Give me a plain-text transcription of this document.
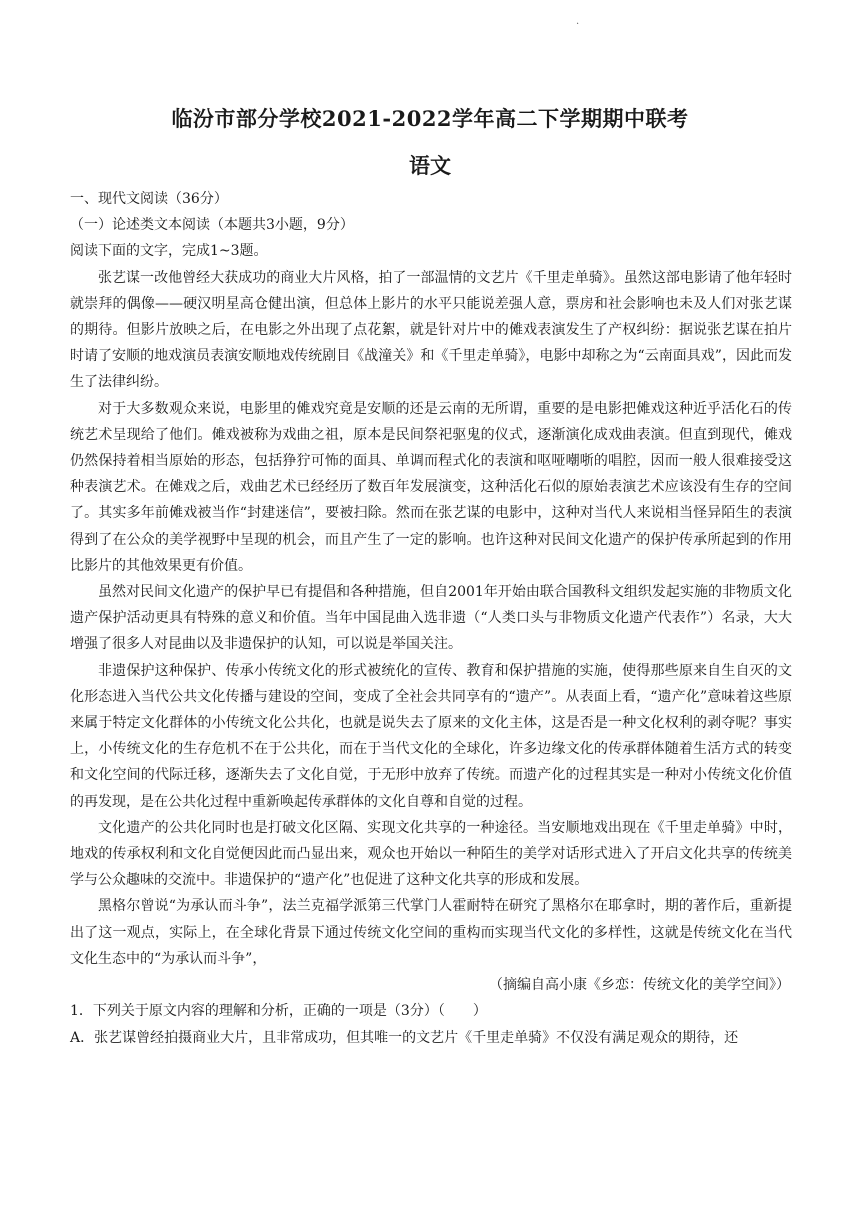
.
临汾市部分学校2021-2022学年高二下学期期中联考
语文

一、现代文阅读（36分）

（一）论述类文本阅读（本题共3小题，9分）

阅读下面的文字，完成1~3题。

张艺谋一改他曾经大获成功的商业大片风格，拍了一部温情的文艺片《千里走单骑》。虽然这部电影请了他年轻时就崇拜的偶像——硬汉明星高仓健出演，但总体上影片的水平只能说差强人意，票房和社会影响也未及人们对张艺谋的期待。但影片放映之后，在电影之外出现了点花絮，就是针对片中的傩戏表演发生了产权纠纷：据说张艺谋在拍片时请了安顺的地戏演员表演安顺地戏传统剧目《战潼关》和《千里走单骑》，电影中却称之为“云南面具戏”，因此而发生了法律纠纷。

对于大多数观众来说，电影里的傩戏究竟是安顺的还是云南的无所谓，重要的是电影把傩戏这种近乎活化石的传统艺术呈现给了他们。傩戏被称为戏曲之祖，原本是民间祭祀驱鬼的仪式，逐渐演化成戏曲表演。但直到现代，傩戏仍然保持着相当原始的形态，包括狰狞可怖的面具、单调而程式化的表演和呕哑嘲哳的唱腔，因而一般人很难接受这种表演艺术。在傩戏之后，戏曲艺术已经经历了数百年发展演变，这种活化石似的原始表演艺术应该没有生存的空间了。其实多年前傩戏被当作“封建迷信”，要被扫除。然而在张艺谋的电影中，这种对当代人来说相当怪异陌生的表演得到了在公众的美学视野中呈现的机会，而且产生了一定的影响。也许这种对民间文化遗产的保护传承所起到的作用比影片的其他效果更有价值。

虽然对民间文化遗产的保护早已有提倡和各种措施，但自2001年开始由联合国教科文组织发起实施的非物质文化遗产保护活动更具有特殊的意义和价值。当年中国昆曲入选非遗（“人类口头与非物质文化遗产代表作”）名录，大大增强了很多人对昆曲以及非遗保护的认知，可以说是举国关注。

非遗保护这种保护、传承小传统文化的形式被统化的宣传、教育和保护措施的实施，使得那些原来自生自灭的文化形态进入当代公共文化传播与建设的空间，变成了全社会共同享有的“遗产”。从表面上看，“遗产化”意味着这些原来属于特定文化群体的小传统文化公共化，也就是说失去了原来的文化主体，这是否是一种文化权利的剥夺呢？事实上，小传统文化的生存危机不在于公共化，而在于当代文化的全球化，许多边缘文化的传承群体随着生活方式的转变和文化空间的代际迁移，逐渐失去了文化自觉，于无形中放弃了传统。而遗产化的过程其实是一种对小传统文化价值的再发现，是在公共化过程中重新唤起传承群体的文化自尊和自觉的过程。

文化遗产的公共化同时也是打破文化区隔、实现文化共享的一种途径。当安顺地戏出现在《千里走单骑》中时，地戏的传承权利和文化自觉便因此而凸显出来，观众也开始以一种陌生的美学对话形式进入了开启文化共享的传统美学与公众趣味的交流中。非遗保护的“遗产化”也促进了这种文化共享的形成和发展。

黑格尔曾说“为承认而斗争”，法兰克福学派第三代掌门人霍耐特在研究了黑格尔在耶拿时，期的著作后，重新提出了这一观点，实际上，在全球化背景下通过传统文化空间的重构而实现当代文化的多样性，这就是传统文化在当代文化生态中的“为承认而斗争”，

（摘编自高小康《乡恋：传统文化的美学空间》）

1．下列关于原文内容的理解和分析，正确的一项是（3分）（　　）

A．张艺谋曾经拍摄商业大片，且非常成功，但其唯一的文艺片《千里走单骑》不仅没有满足观众的期待，还
